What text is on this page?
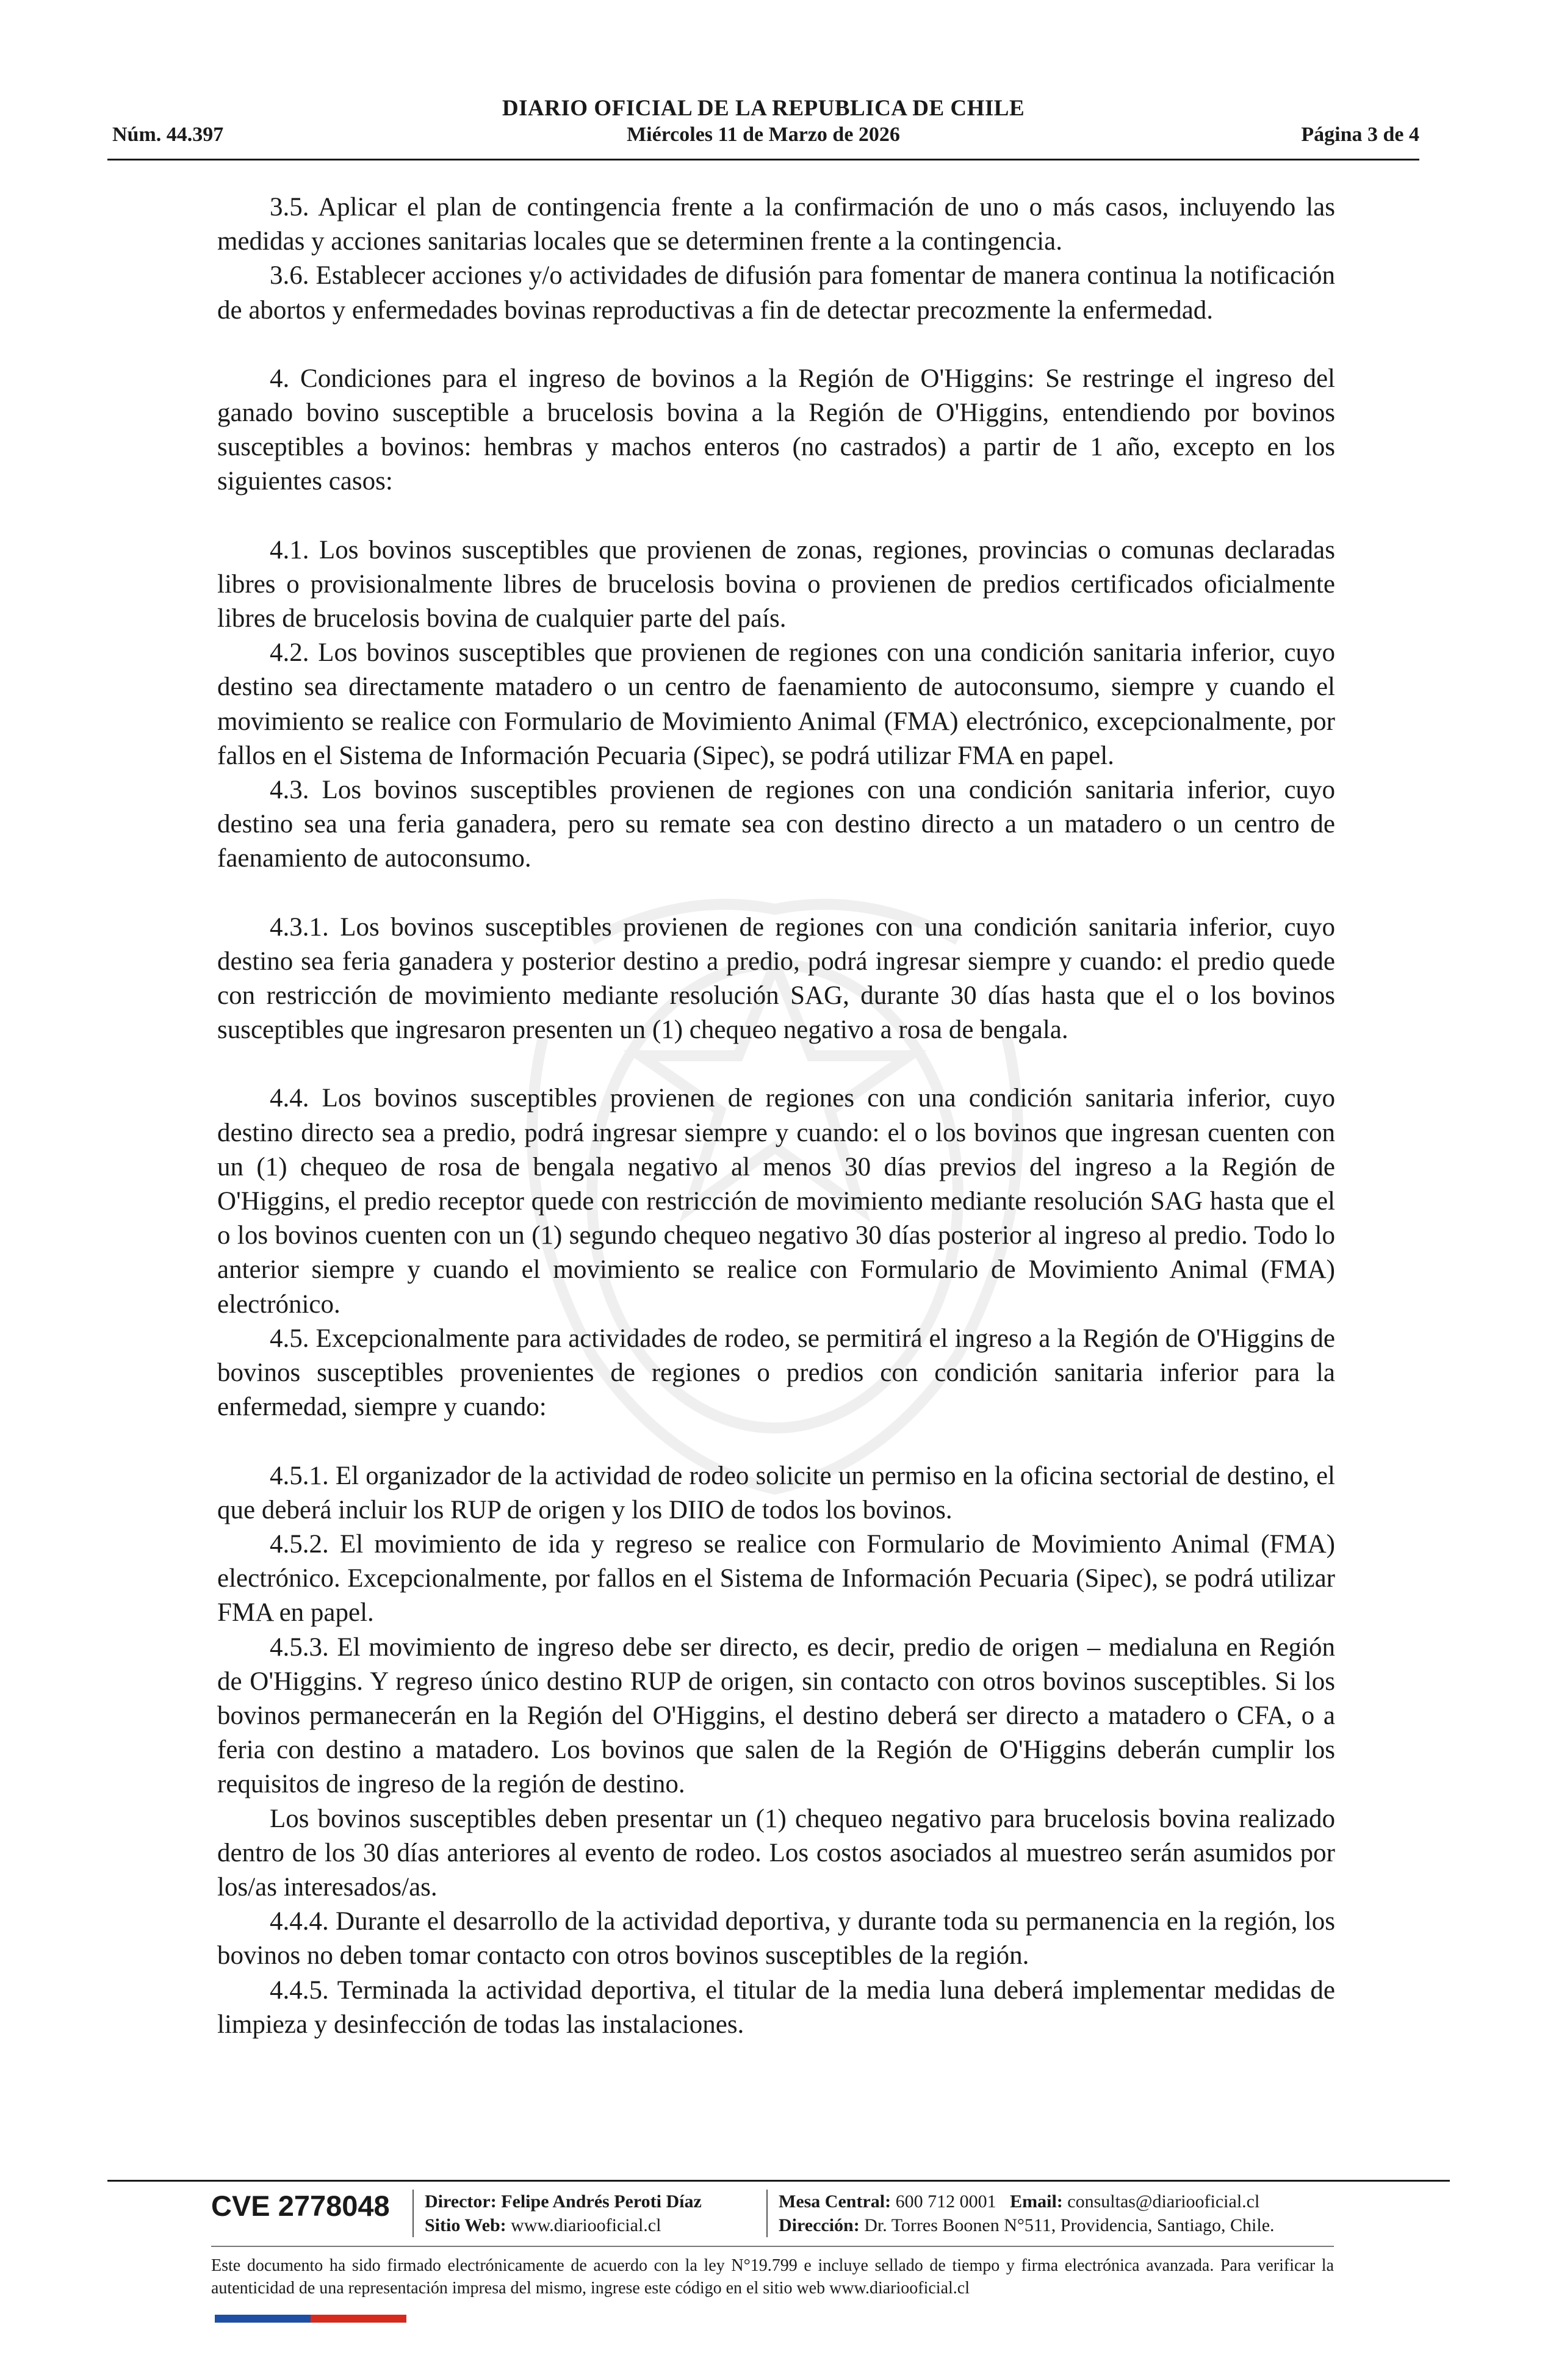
DIARIO OFICIAL DE LA REPUBLICA DE CHILE
Núm. 44.397	Miércoles 11 de Marzo de 2026	Página 3 de 4

3.5. Aplicar el plan de contingencia frente a la confirmación de uno o más casos, incluyendo las medidas y acciones sanitarias locales que se determinen frente a la contingencia.

3.6. Establecer acciones y/o actividades de difusión para fomentar de manera continua la notificación de abortos y enfermedades bovinas reproductivas a fin de detectar precozmente la enfermedad.

4. Condiciones para el ingreso de bovinos a la Región de O'Higgins: Se restringe el ingreso del ganado bovino susceptible a brucelosis bovina a la Región de O'Higgins, entendiendo por bovinos susceptibles a bovinos: hembras y machos enteros (no castrados) a partir de 1 año, excepto en los siguientes casos:

4.1. Los bovinos susceptibles que provienen de zonas, regiones, provincias o comunas declaradas libres o provisionalmente libres de brucelosis bovina o provienen de predios certificados oficialmente libres de brucelosis bovina de cualquier parte del país.

4.2. Los bovinos susceptibles que provienen de regiones con una condición sanitaria inferior, cuyo destino sea directamente matadero o un centro de faenamiento de autoconsumo, siempre y cuando el movimiento se realice con Formulario de Movimiento Animal (FMA) electrónico, excepcionalmente, por fallos en el Sistema de Información Pecuaria (Sipec), se podrá utilizar FMA en papel.

4.3. Los bovinos susceptibles provienen de regiones con una condición sanitaria inferior, cuyo destino sea una feria ganadera, pero su remate sea con destino directo a un matadero o un centro de faenamiento de autoconsumo.

4.3.1. Los bovinos susceptibles provienen de regiones con una condición sanitaria inferior, cuyo destino sea feria ganadera y posterior destino a predio, podrá ingresar siempre y cuando: el predio quede con restricción de movimiento mediante resolución SAG, durante 30 días hasta que el o los bovinos susceptibles que ingresaron presenten un (1) chequeo negativo a rosa de bengala.

4.4. Los bovinos susceptibles provienen de regiones con una condición sanitaria inferior, cuyo destino directo sea a predio, podrá ingresar siempre y cuando: el o los bovinos que ingresan cuenten con un (1) chequeo de rosa de bengala negativo al menos 30 días previos del ingreso a la Región de O'Higgins, el predio receptor quede con restricción de movimiento mediante resolución SAG hasta que el o los bovinos cuenten con un (1) segundo chequeo negativo 30 días posterior al ingreso al predio. Todo lo anterior siempre y cuando el movimiento se realice con Formulario de Movimiento Animal (FMA) electrónico.

4.5. Excepcionalmente para actividades de rodeo, se permitirá el ingreso a la Región de O'Higgins de bovinos susceptibles provenientes de regiones o predios con condición sanitaria inferior para la enfermedad, siempre y cuando:

4.5.1. El organizador de la actividad de rodeo solicite un permiso en la oficina sectorial de destino, el que deberá incluir los RUP de origen y los DIIO de todos los bovinos.

4.5.2. El movimiento de ida y regreso se realice con Formulario de Movimiento Animal (FMA) electrónico. Excepcionalmente, por fallos en el Sistema de Información Pecuaria (Sipec), se podrá utilizar FMA en papel.

4.5.3. El movimiento de ingreso debe ser directo, es decir, predio de origen – medialuna en Región de O'Higgins. Y regreso único destino RUP de origen, sin contacto con otros bovinos susceptibles. Si los bovinos permanecerán en la Región del O'Higgins, el destino deberá ser directo a matadero o CFA, o a feria con destino a matadero. Los bovinos que salen de la Región de O'Higgins deberán cumplir los requisitos de ingreso de la región de destino.

Los bovinos susceptibles deben presentar un (1) chequeo negativo para brucelosis bovina realizado dentro de los 30 días anteriores al evento de rodeo. Los costos asociados al muestreo serán asumidos por los/as interesados/as.

4.4.4. Durante el desarrollo de la actividad deportiva, y durante toda su permanencia en la región, los bovinos no deben tomar contacto con otros bovinos susceptibles de la región.

4.4.5. Terminada la actividad deportiva, el titular de la media luna deberá implementar medidas de limpieza y desinfección de todas las instalaciones.

CVE 2778048 Director: Felipe Andrés Peroti Díaz
Sitio Web: www.diariooficial.cl
Mesa Central: 600 712 0001 Email: consultas@diariooficial.cl
Dirección: Dr. Torres Boonen N°511, Providencia, Santiago, Chile.
Este documento ha sido firmado electrónicamente de acuerdo con la ley N°19.799 e incluye sellado de tiempo y firma electrónica avanzada. Para verificar la autenticidad de una representación impresa del mismo, ingrese este código en el sitio web www.diariooficial.cl
